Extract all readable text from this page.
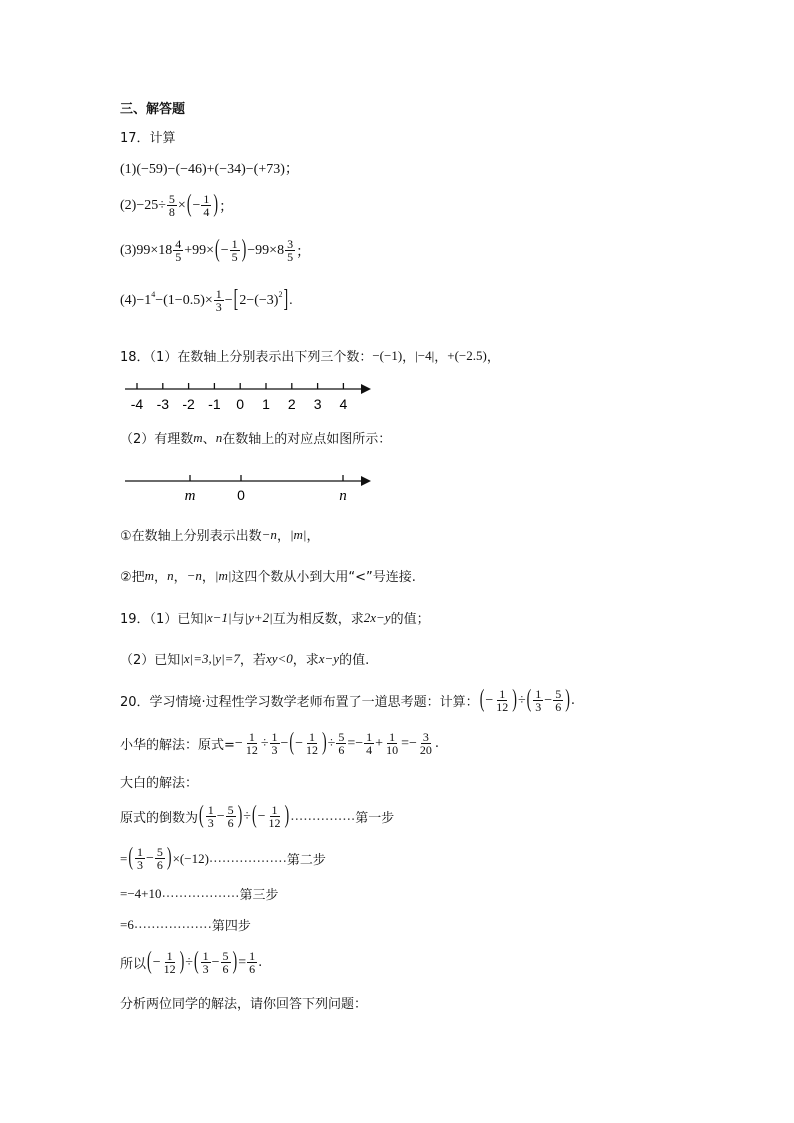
三、解答题
17．计算
(1)(−59)−(−46)+(−34)−(+73)；
$(2)-25\div \frac{5}{8}$ × ( − $\frac{1}{4}$ ) ；
$(3)99\times 18 \frac{4}{5} +99\times$ ( − $\frac{1}{5}$ ) $-99\times 8 \frac{3}{5}$ ；
(4)−1 $4 -(1-0.5)\times \frac{1}{3}$ − [ 2−(−3) 2 ] .
18．（1）在数轴上分别表示出下列三个数： −(−1) ， |−4| ， +(−2.5) ，
-4 -3 -2 -1 0 1 2 3 4
（2）有理数 m 、 n 在数轴上的对应点如图所示：
m	0	n
①在数轴上分别表示出数 −n ， |m| ，
②把 m ， n ， −n ， |m| 这四个数从小到大用“<”号连接.
19．（1）已知 |x−1| 与 |y+2| 互为相反数，求 2x−y 的值；
（2）已知 |x|=3,|y|=7 ，若 xy<0 ，求 x−y 的值.
20．学习情境·过程性学习数学老师布置了一道思考题：计算： ( − $\frac{1}{12}$ ) ÷ ( $\frac{1}{3} - \frac{5}{6}$ ) .
小华的解法：原式= − $\frac{1}{12} \div \frac{1}{3}$ − ( − $\frac{1}{12}$ ) ÷ $\frac{5}{6}$ = − $\frac{1}{4} + \frac{1}{10}$ = − $\frac{3}{20}$ .
大白的解法：
原式的倒数为 ( $\frac{1}{3} - \frac{5}{6}$ ) ÷ ( − $\frac{1}{12}$ ) …………… 第一步
= ( $\frac{1}{3} - \frac{5}{6}$ ) ×(−12) ……………… 第二步
=−4+10 ……………… 第三步
=6 ……………… 第四步
所以 ( − $\frac{1}{12}$ ) ÷ ( $\frac{1}{3} - \frac{5}{6}$ ) = $\frac{1}{6}$ .
分析两位同学的解法，请你回答下列问题：
